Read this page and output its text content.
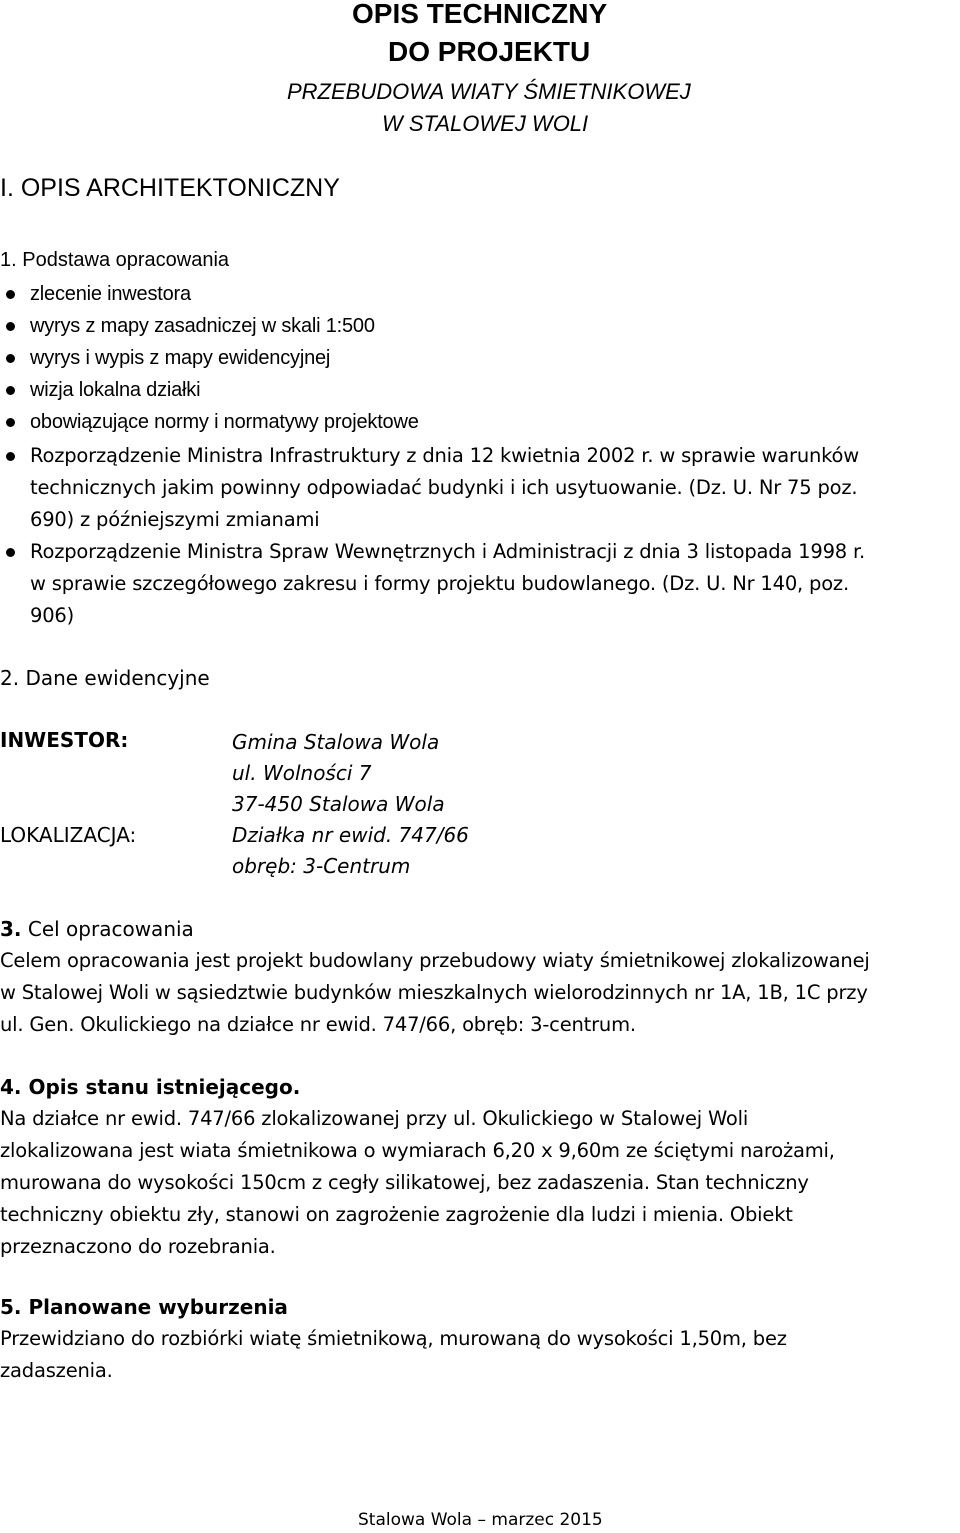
OPIS TECHNICZNY
DO PROJEKTU
PRZEBUDOWA WIATY ŚMIETNIKOWEJ
W STALOWEJ WOLI
I. OPIS ARCHITEKTONICZNY
1. Podstawa opracowania
zlecenie inwestora
wyrys z mapy zasadniczej w skali 1:500
wyrys i wypis z mapy ewidencyjnej
wizja lokalna działki
obowiązujące normy i normatywy projektowe
Rozporządzenie Ministra Infrastruktury z dnia 12 kwietnia 2002 r. w sprawie warunków
technicznych jakim powinny odpowiadać budynki i ich usytuowanie. (Dz. U. Nr 75 poz.
690) z późniejszymi zmianami
Rozporządzenie Ministra Spraw Wewnętrznych i Administracji z dnia 3 listopada 1998 r.
w sprawie szczegółowego zakresu i formy projektu budowlanego. (Dz. U. Nr 140, poz.
906)
2. Dane ewidencyjne
INWESTOR:	Gmina Stalowa Wola
ul. Wolności 7
37-450 Stalowa Wola
LOKALIZACJA:	Działka nr ewid. 747/66
obręb: 3-Centrum
3. Cel opracowania
Celem opracowania jest projekt budowlany przebudowy wiaty śmietnikowej zlokalizowanej
w Stalowej Woli w sąsiedztwie budynków mieszkalnych wielorodzinnych nr 1A, 1B, 1C przy
ul. Gen. Okulickiego na działce nr ewid. 747/66, obręb: 3-centrum.
4. Opis stanu istniejącego.
Na działce nr ewid. 747/66 zlokalizowanej przy ul. Okulickiego w Stalowej Woli
zlokalizowana jest wiata śmietnikowa o wymiarach 6,20 x 9,60m ze ściętymi narożami,
murowana do wysokości 150cm z cegły silikatowej, bez zadaszenia. Stan techniczny
techniczny obiektu zły, stanowi on zagrożenie zagrożenie dla ludzi i mienia. Obiekt
przeznaczono do rozebrania.
5. Planowane wyburzenia
Przewidziano do rozbiórki wiatę śmietnikową, murowaną do wysokości 1,50m, bez
zadaszenia.
Stalowa Wola – marzec 2015
